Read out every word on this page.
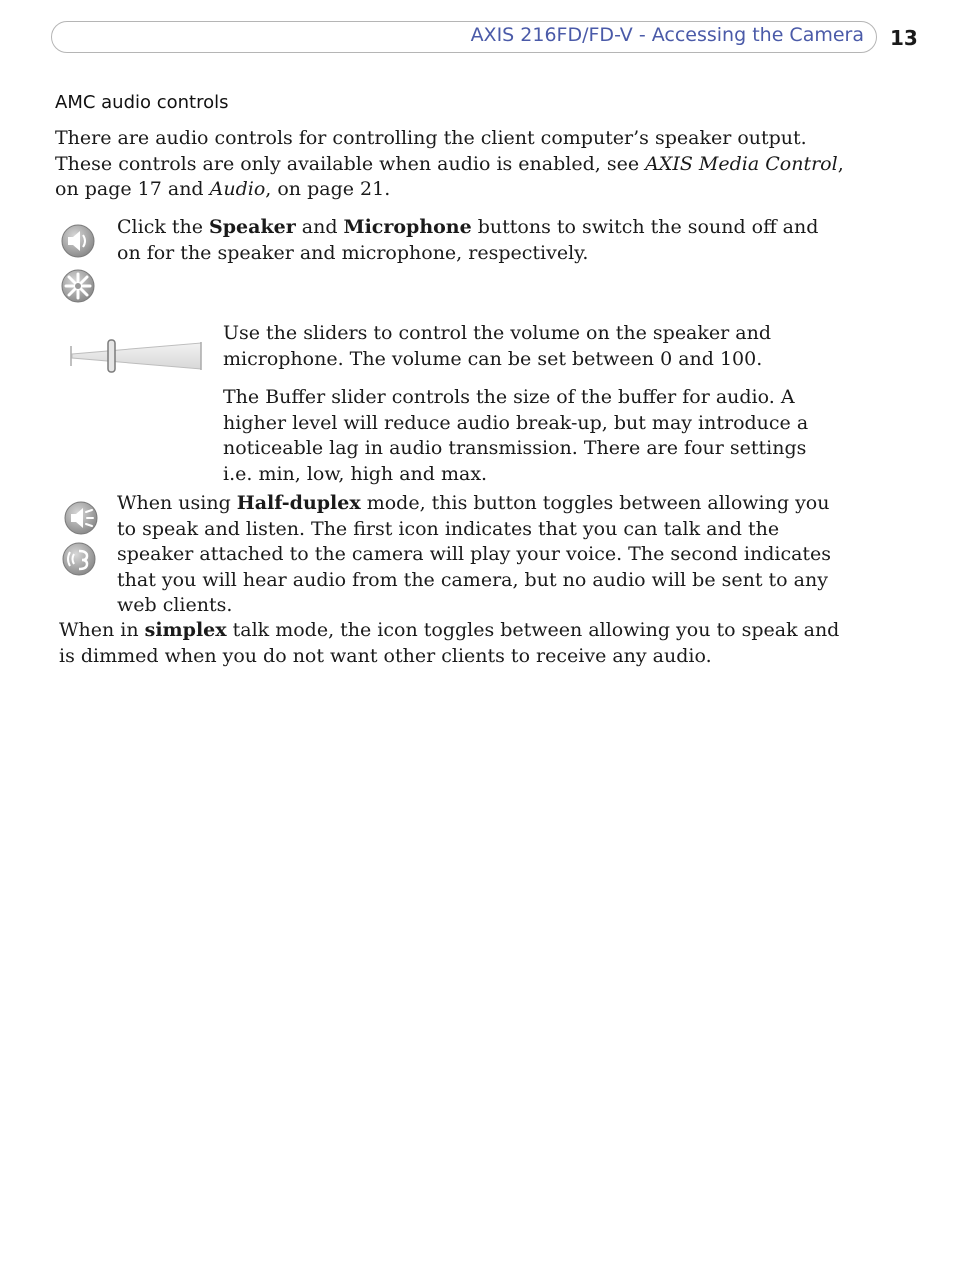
AXIS 216FD/FD-V - Accessing the Camera 13
AMC audio controls

There are audio controls for controlling the client computer’s speaker output. These controls are only available when audio is enabled, see AXIS Media Control, on page 17 and Audio, on page 21.

Click the Speaker and Microphone buttons to switch the sound off and on for the speaker and microphone, respectively.

Use the sliders to control the volume on the speaker and microphone. The volume can be set between 0 and 100.

The Buffer slider controls the size of the buffer for audio. A higher level will reduce audio break-up, but may introduce a noticeable lag in audio transmission. There are four settings i.e. min, low, high and max.

When using Half-duplex mode, this button toggles between allowing you to speak and listen. The first icon indicates that you can talk and the speaker attached to the camera will play your voice. The second indicates that you will hear audio from the camera, but no audio will be sent to any web clients.

When in simplex talk mode, the icon toggles between allowing you to speak and is dimmed when you do not want other clients to receive any audio.
